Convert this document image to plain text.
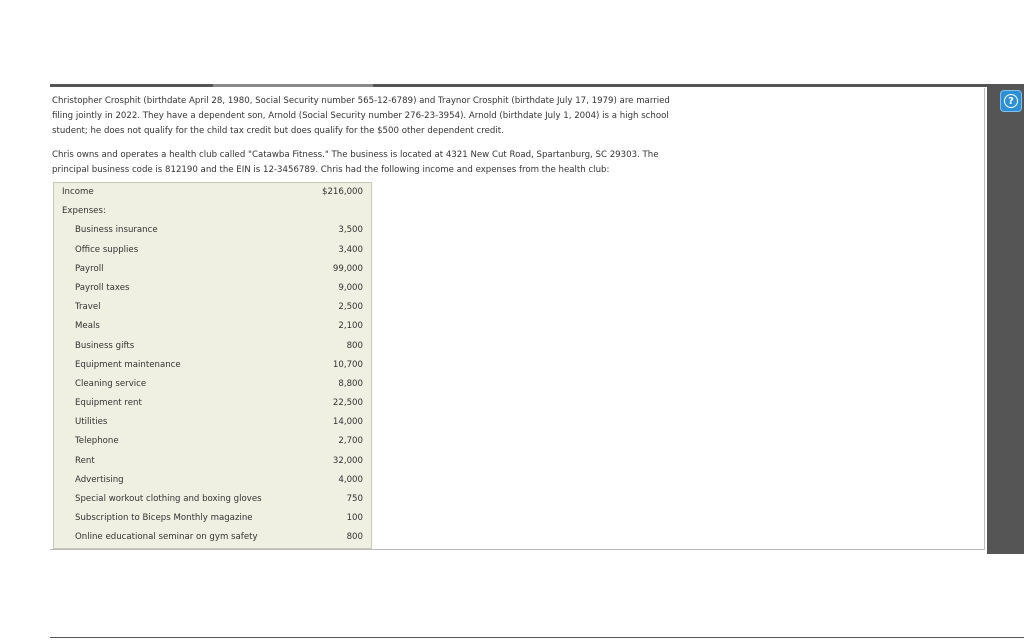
Christopher Crosphit (birthdate April 28, 1980, Social Security number 565-12-6789) and Traynor Crosphit (birthdate July 17, 1979) are married filing jointly in 2022. They have a dependent son, Arnold (Social Security number 276-23-3954). Arnold (birthdate July 1, 2004) is a high school student; he does not qualify for the child tax credit but does qualify for the $500 other dependent credit.

Chris owns and operates a health club called "Catawba Fitness." The business is located at 4321 New Cut Road, Spartanburg, SC 29303. The principal business code is 812190 and the EIN is 12-3456789. Chris had the following income and expenses from the health club:

Income	$216,000
Expenses:
Business insurance	3,500
Office supplies	3,400
Payroll	99,000
Payroll taxes	9,000
Travel	2,500
Meals	2,100
Business gifts	800
Equipment maintenance	10,700
Cleaning service	8,800
Equipment rent	22,500
Utilities	14,000
Telephone	2,700
Rent	32,000
Advertising	4,000
Special workout clothing and boxing gloves	750
Subscription to Biceps Monthly magazine	100
Online educational seminar on gym safety	800
?
